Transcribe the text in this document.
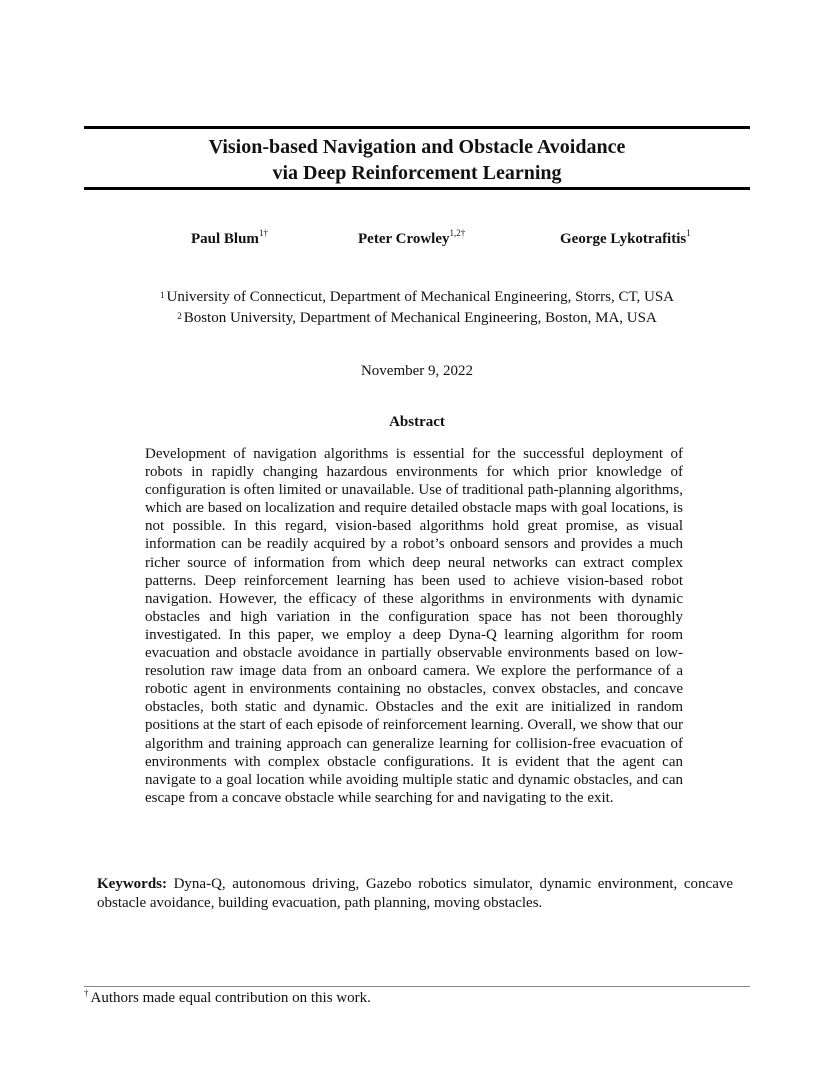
Vision-based Navigation and Obstacle Avoidance
via Deep Reinforcement Learning
Paul Blum$^{1\dagger}$	Peter Crowley$^{1,2\dagger}$	George Lykotrafitis$^1$
$^1$ University of Connecticut, Department of Mechanical Engineering, Storrs, CT, USA
$^2$ Boston University, Department of Mechanical Engineering, Boston, MA, USA
November 9, 2022
Abstract
Development of navigation algorithms is essential for the successful deployment of robots in rapidly changing hazardous environments for which prior knowledge of configuration is often limited or unavailable. Use of traditional path-planning algorithms, which are based on localization and require detailed obstacle maps with goal locations, is not possible. In this regard, vision-based algorithms hold great promise, as visual information can be readily acquired by a robot’s onboard sensors and provides a much richer source of information from which deep neural networks can extract complex patterns. Deep reinforcement learning has been used to achieve vision-based robot navigation. However, the efficacy of these algorithms in environments with dynamic obstacles and high variation in the configuration space has not been thoroughly investigated. In this paper, we employ a deep Dyna-Q learning algorithm for room evacuation and obstacle avoidance in partially observable environments based on low-resolution raw image data from an onboard camera. We explore the performance of a robotic agent in environments containing no obstacles, convex obstacles, and concave obstacles, both static and dynamic. Obstacles and the exit are initialized in random positions at the start of each episode of reinforcement learning. Overall, we show that our algorithm and training approach can generalize learning for collision-free evacuation of environments with complex obstacle configurations. It is evident that the agent can navigate to a goal location while avoiding multiple static and dynamic obstacles, and can escape from a concave obstacle while searching for and navigating to the exit.
Keywords: Dyna-Q, autonomous driving, Gazebo robotics simulator, dynamic environment, concave obstacle avoidance, building evacuation, path planning, moving obstacles.
† Authors made equal contribution on this work.
